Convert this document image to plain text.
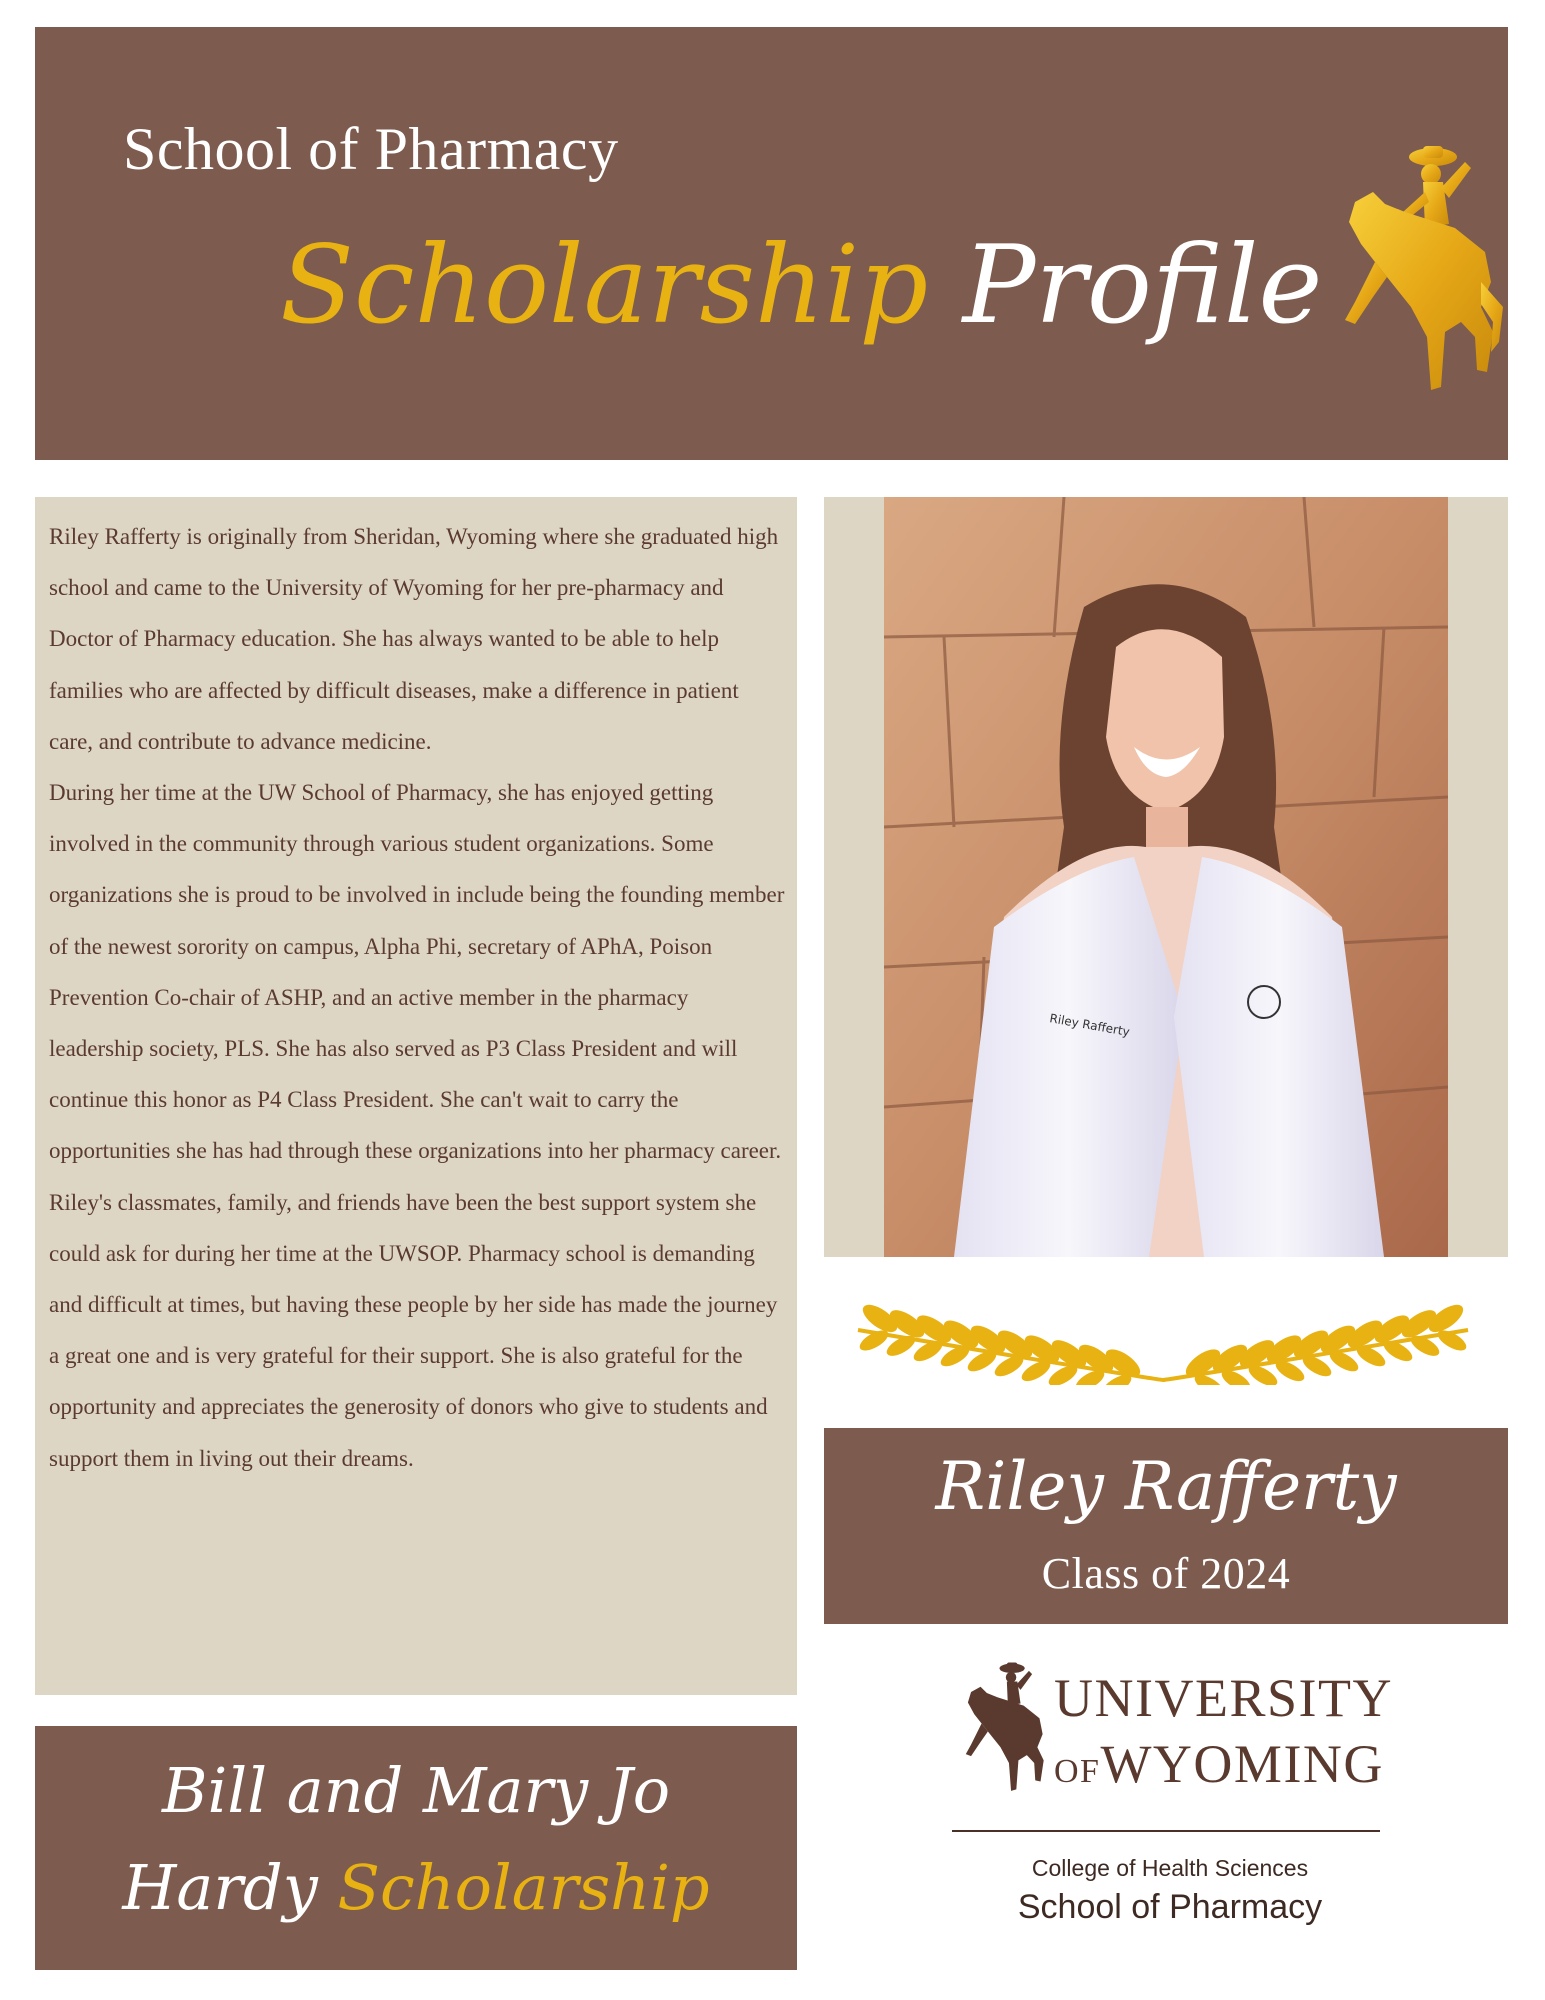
School of Pharmacy
Scholarship Profile

Riley Rafferty is originally from Sheridan, Wyoming where she graduated high school and came to the University of Wyoming for her pre-pharmacy and Doctor of Pharmacy education. She has always wanted to be able to help families who are affected by difficult diseases, make a difference in patient care, and contribute to advance medicine.

During her time at the UW School of Pharmacy, she has enjoyed getting involved in the community through various student organizations. Some organizations she is proud to be involved in include being the founding member of the newest sorority on campus, Alpha Phi, secretary of APhA, Poison Prevention Co-chair of ASHP, and an active member in the pharmacy leadership society, PLS. She has also served as P3 Class President and will continue this honor as P4 Class President. She can't wait to carry the opportunities she has had through these organizations into her pharmacy career.

Riley's classmates, family, and friends have been the best support system she could ask for during her time at the UWSOP. Pharmacy school is demanding and difficult at times, but having these people by her side has made the journey a great one and is very grateful for their support. She is also grateful for the opportunity and appreciates the generosity of donors who give to students and support them in living out their dreams.

Riley Rafferty
Riley Rafferty
Class of 2024
UNIVERSITY
OFWYOMING
College of Health Sciences
School of Pharmacy
Bill and Mary Jo
Hardy Scholarship
